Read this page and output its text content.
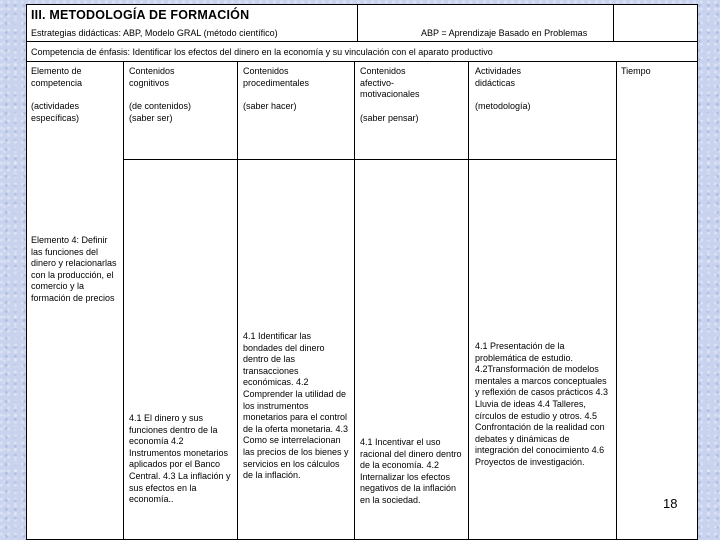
III. METODOLOGÍA DE FORMACIÓN
Estrategias didácticas: ABP, Modelo GRAL (método científico)	ABP = Aprendizaje Basado en Problemas
Competencia de énfasis: Identificar los efectos del dinero en la economía y su vinculación con el aparato productivo
Elemento de competencia
(actividades específicas)
Contenidos cognitivos
(de contenidos) (saber ser)
Contenidos procedimentales
(saber hacer)
Contenidos afectivo-motivacionales
(saber pensar)
Actividades didácticas
(metodología)
Tiempo
Elemento 4: Definir las funciones del dinero y relacionarlas con la producción, el comercio y la formación de precios
4.1 El dinero y sus funciones dentro de la economía 4.2 Instrumentos monetarios aplicados por el Banco Central. 4.3 La inflación y sus efectos en la economía..
4.1 Identificar las bondades del dinero dentro de las transacciones económicas. 4.2 Comprender la utilidad de los instrumentos monetarios para el control de la oferta monetaria. 4.3 Como se interrelacionan las precios de los bienes y servicios en los cálculos de la inflación.
4.1 Incentivar el uso racional del dinero dentro de la economía. 4.2 Internalizar los efectos negativos de la inflación en la sociedad.
4.1 Presentación de la problemática de estudio. 4.2Transformación de modelos mentales a marcos conceptuales y reflexión de casos prácticos 4.3 Lluvia de ideas 4.4 Talleres, círculos de estudio y otros. 4.5 Confrontación de la realidad con debates y dinámicas de integración del conocimiento 4.6 Proyectos de investigación.
18
